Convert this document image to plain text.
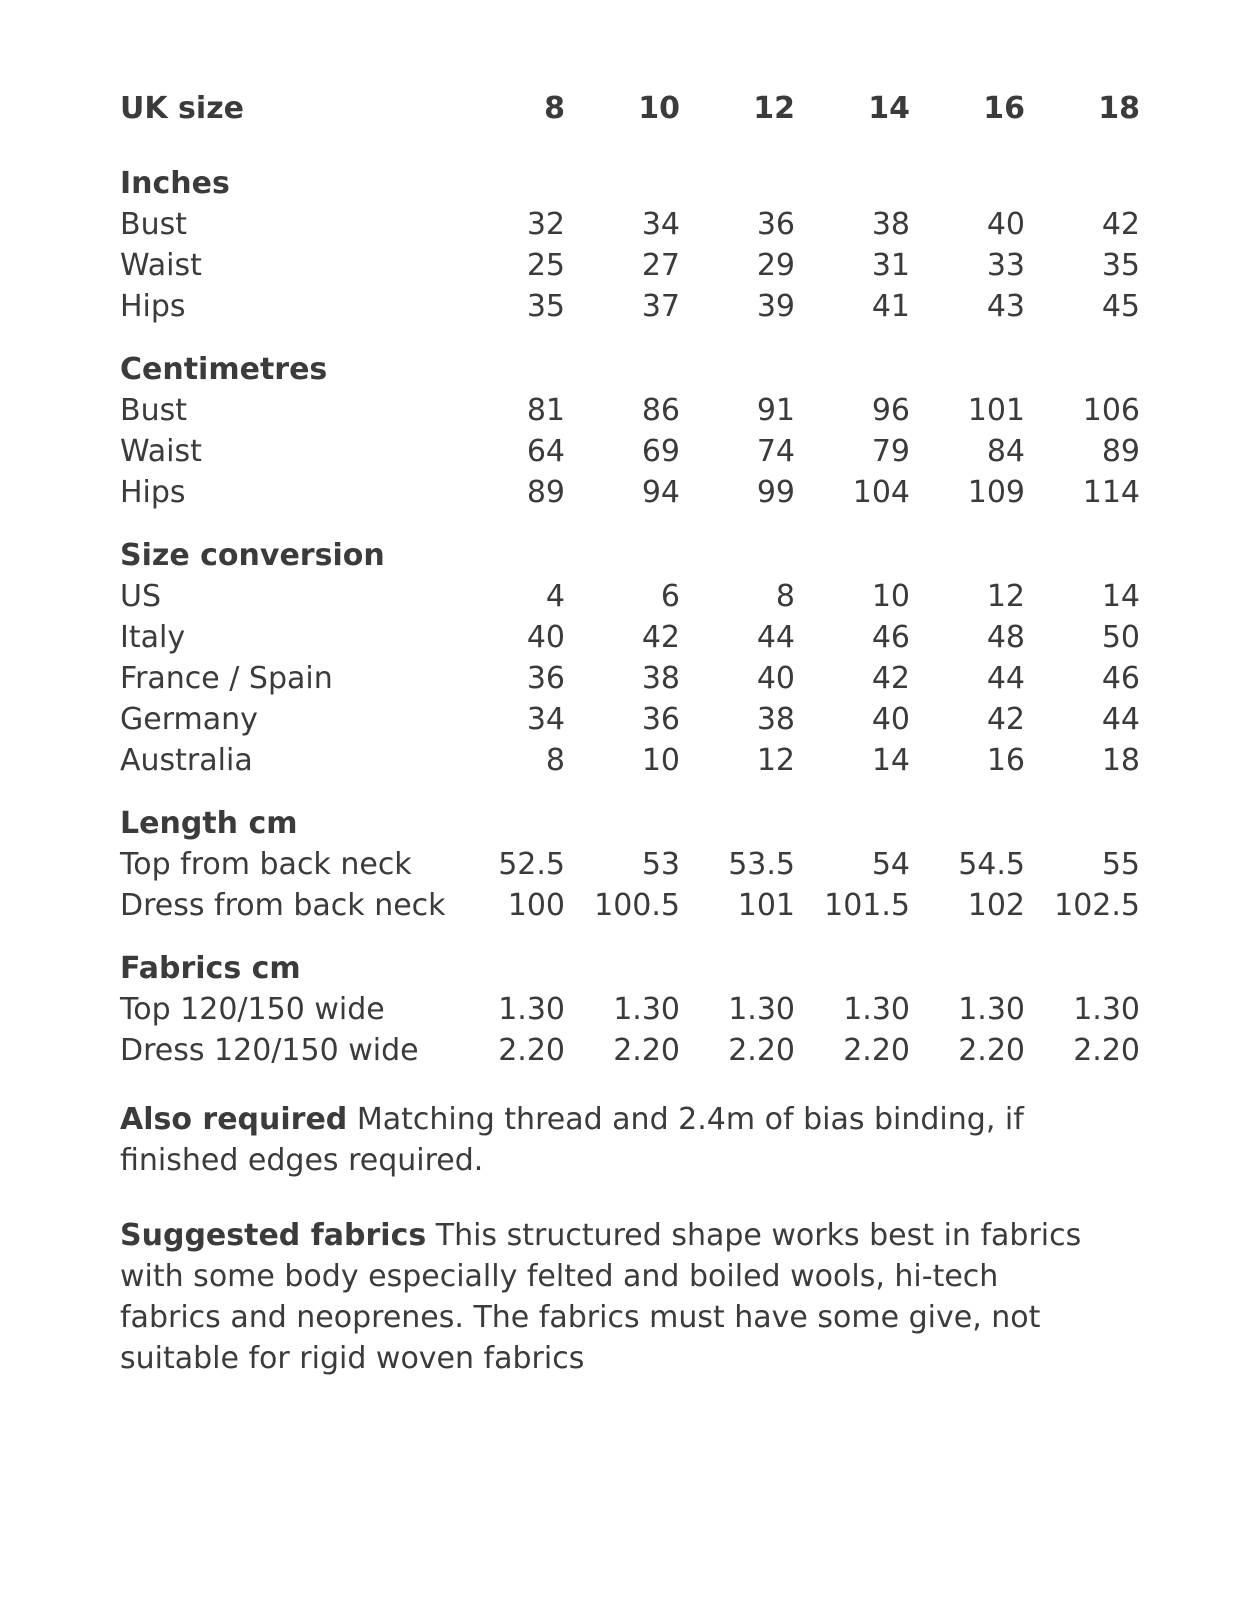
UK size	8	10	12	14	16	18

Inches						
Bust	32	34	36	38	40	42
Waist	25	27	29	31	33	35
Hips	35	37	39	41	43	45

Centimetres						
Bust	81	86	91	96	101	106
Waist	64	69	74	79	84	89
Hips	89	94	99	104	109	114

Size conversion						
US	4	6	8	10	12	14
Italy	40	42	44	46	48	50
France / Spain	36	38	40	42	44	46
Germany	34	36	38	40	42	44
Australia	8	10	12	14	16	18

Length cm						
Top from back neck	52.5	53	53.5	54	54.5	55
Dress from back neck	100	100.5	101	101.5	102	102.5

Fabrics cm						
Top 120/150 wide	1.30	1.30	1.30	1.30	1.30	1.30
Dress 120/150 wide	2.20	2.20	2.20	2.20	2.20	2.20

Also required Matching thread and 2.4m of bias binding, if finished edges required.

Suggested fabrics This structured shape works best in fabrics with some body especially felted and boiled wools, hi-tech fabrics and neoprenes. The fabrics must have some give, not suitable for rigid woven fabrics
